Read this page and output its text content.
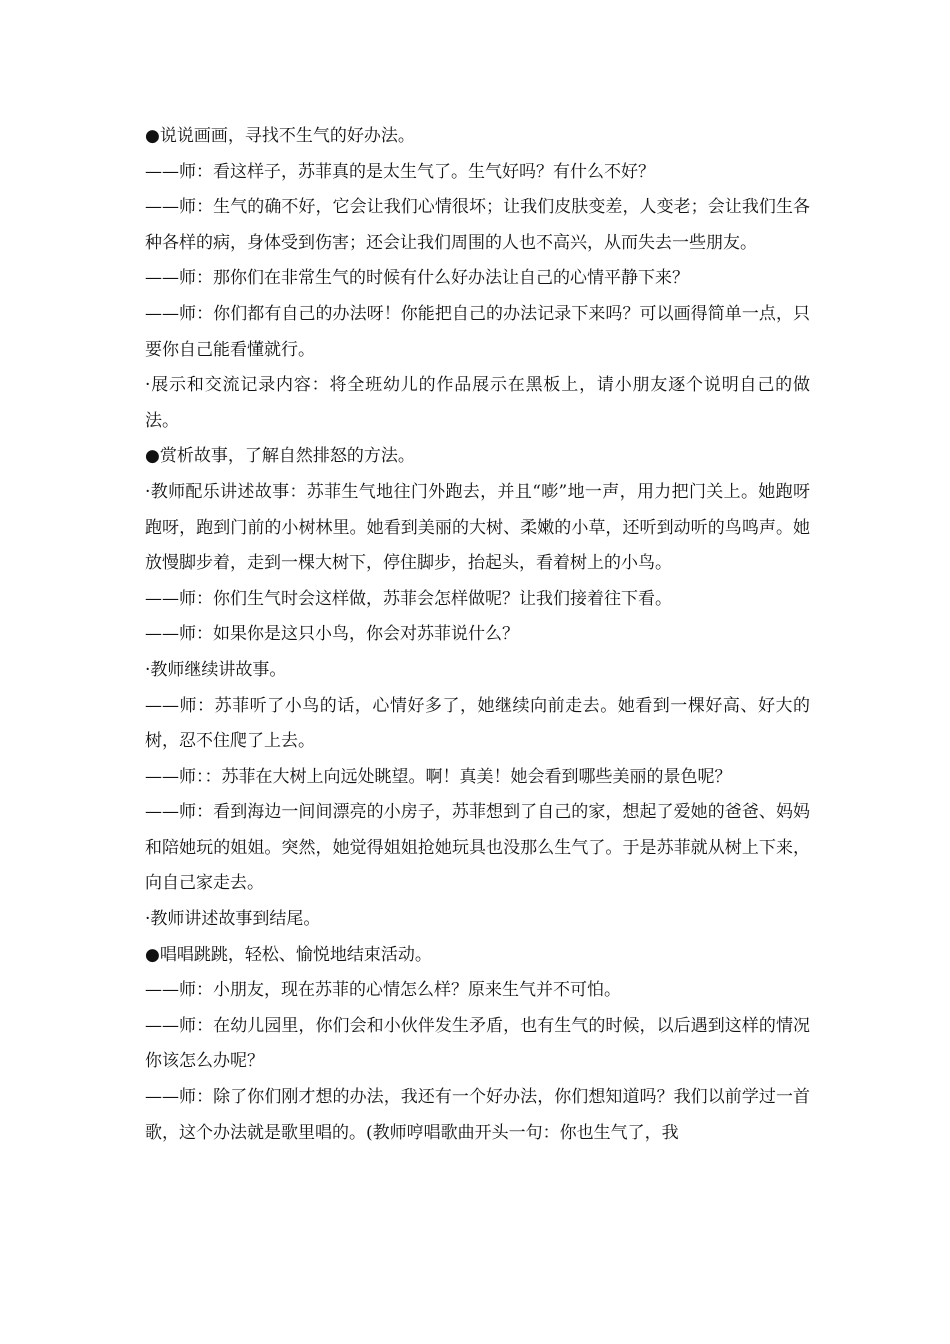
●说说画画，寻找不生气的好办法。

——师：看这样子，苏菲真的是太生气了。生气好吗？有什么不好？

——师：生气的确不好，它会让我们心情很坏；让我们皮肤变差，人变老；会让我们生各种各样的病，身体受到伤害；还会让我们周围的人也不高兴，从而失去一些朋友。

——师：那你们在非常生气的时候有什么好办法让自己的心情平静下来？

——师：你们都有自己的办法呀！你能把自己的办法记录下来吗？可以画得简单一点，只要你自己能看懂就行。

·展示和交流记录内容：将全班幼儿的作品展示在黑板上，请小朋友逐个说明自己的做法。

●赏析故事，了解自然排怒的方法。

·教师配乐讲述故事：苏菲生气地往门外跑去，并且“嘭”地一声，用力把门关上。她跑呀跑呀，跑到门前的小树林里。她看到美丽的大树、柔嫩的小草，还听到动听的鸟鸣声。她放慢脚步着，走到一棵大树下，停住脚步，抬起头，看着树上的小鸟。

——师：你们生气时会这样做，苏菲会怎样做呢？让我们接着往下看。

——师：如果你是这只小鸟，你会对苏菲说什么？

·教师继续讲故事。

——师：苏菲听了小鸟的话，心情好多了，她继续向前走去。她看到一棵好高、好大的树，忍不住爬了上去。

——师：：苏菲在大树上向远处眺望。啊！真美！她会看到哪些美丽的景色呢？

——师：看到海边一间间漂亮的小房子，苏菲想到了自己的家，想起了爱她的爸爸、妈妈和陪她玩的姐姐。突然，她觉得姐姐抢她玩具也没那么生气了。于是苏菲就从树上下来，向自己家走去。

·教师讲述故事到结尾。

●唱唱跳跳，轻松、愉悦地结束活动。

——师：小朋友，现在苏菲的心情怎么样？原来生气并不可怕。

——师：在幼儿园里，你们会和小伙伴发生矛盾，也有生气的时候，以后遇到这样的情况你该怎么办呢？

——师：除了你们刚才想的办法，我还有一个好办法，你们想知道吗？我们以前学过一首歌，这个办法就是歌里唱的。(教师哼唱歌曲开头一句：你也生气了，我
